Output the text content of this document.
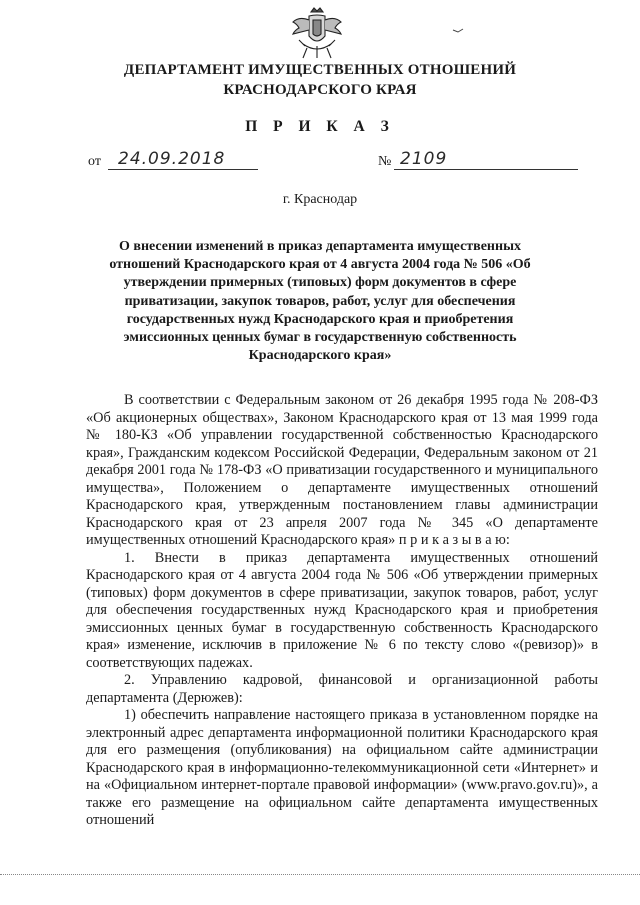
ДЕПАРТАМЕНТ ИМУЩЕСТВЕННЫХ ОТНОШЕНИЙ
КРАСНОДАРСКОГО КРАЯ
П Р И К А З
от 24.09.2018	№ 2109
г. Краснодар
О внесении изменений в приказ департамента имущественных отношений Краснодарского края от 4 августа 2004 года № 506 «Об утверждении примерных (типовых) форм документов в сфере приватизации, закупок товаров, работ, услуг для обеспечения государственных нужд Краснодарского края и приобретения эмиссионных ценных бумаг в государственную собственность Краснодарского края»

В соответствии с Федеральным законом от 26 декабря 1995 года № 208-ФЗ «Об акционерных обществах», Законом Краснодарского края от 13 мая 1999 года № 180-КЗ «Об управлении государственной собственностью Краснодарского края», Гражданским кодексом Российской Федерации, Федеральным законом от 21 декабря 2001 года № 178-ФЗ «О приватизации государственного и муниципального имущества», Положением о департаменте имущественных отношений Краснодарского края, утвержденным постановлением главы администрации Краснодарского края от 23 апреля 2007 года № 345 «О департаменте имущественных отношений Краснодарского края» п р и к а з ы в а ю:

1. Внести в приказ департамента имущественных отношений Краснодарского края от 4 августа 2004 года № 506 «Об утверждении примерных (типовых) форм документов в сфере приватизации, закупок товаров, работ, услуг для обеспечения государственных нужд Краснодарского края и приобретения эмиссионных ценных бумаг в государственную собственность Краснодарского края» изменение, исключив в приложение № 6 по тексту слово «(ревизор)» в соответствующих падежах.

2. Управлению кадровой, финансовой и организационной работы департамента (Дерюжев):

1) обеспечить направление настоящего приказа в установленном порядке на электронный адрес департамента информационной политики Краснодарского края для его размещения (опубликования) на официальном сайте администрации Краснодарского края в информационно-телекоммуникационной сети «Интернет» и на «Официальном интернет-портале правовой информации» (www.pravo.gov.ru)», а также его размещение на официальном сайте департамента имущественных отношений
